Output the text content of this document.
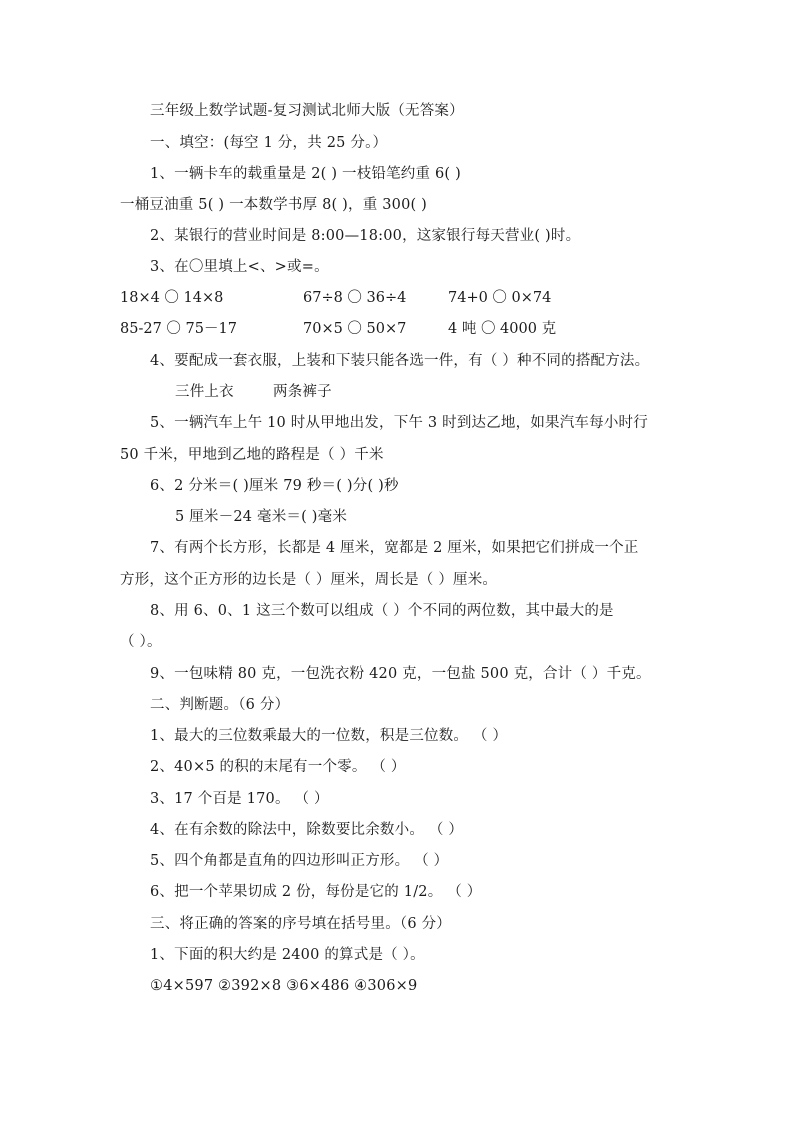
三年级上数学试题-复习测试北师大版（无答案）
一、填空：(每空 1 分，共 25 分。）
1、一辆卡车的载重量是 2( ) 一枝铅笔约重 6( )
一桶豆油重 5( ) 一本数学书厚 8( )，重 300( )
2、某银行的营业时间是 8:00—18:00，这家银行每天营业( )时。
3、在〇里填上<、>或=。
18×4 〇 14×8	67÷8 〇 36÷4	74+0 〇 0×74
85-27 〇 75－17	70×5 〇 50×7	4 吨 〇 4000 克
4、要配成一套衣服，上装和下装只能各选一件，有（ ）种不同的搭配方法。
三件上衣	两条裤子
5、一辆汽车上午 10 时从甲地出发，下午 3 时到达乙地，如果汽车每小时行
50 千米，甲地到乙地的路程是（ ）千米
6、2 分米＝( )厘米 79 秒＝( )分( )秒
5 厘米－24 毫米＝( )毫米
7、有两个长方形，长都是 4 厘米，宽都是 2 厘米，如果把它们拼成一个正
方形，这个正方形的边长是（ ）厘米，周长是（ ）厘米。
8、用 6、0、1 这三个数可以组成（ ）个不同的两位数，其中最大的是
（ ）。
9、一包味精 80 克，一包洗衣粉 420 克，一包盐 500 克，合计（ ）千克。
二、判断题。（6 分）
1、最大的三位数乘最大的一位数，积是三位数。 （ ）
2、40×5 的积的末尾有一个零。 （ ）
3、17 个百是 170。 （ ）
4、在有余数的除法中，除数要比余数小。 （ ）
5、四个角都是直角的四边形叫正方形。 （ ）
6、把一个苹果切成 2 份，每份是它的 1/2。 （ ）
三、将正确的答案的序号填在括号里。（6 分）
1、下面的积大约是 2400 的算式是（ ）。
①4×597 ②392×8 ③6×486 ④306×9
